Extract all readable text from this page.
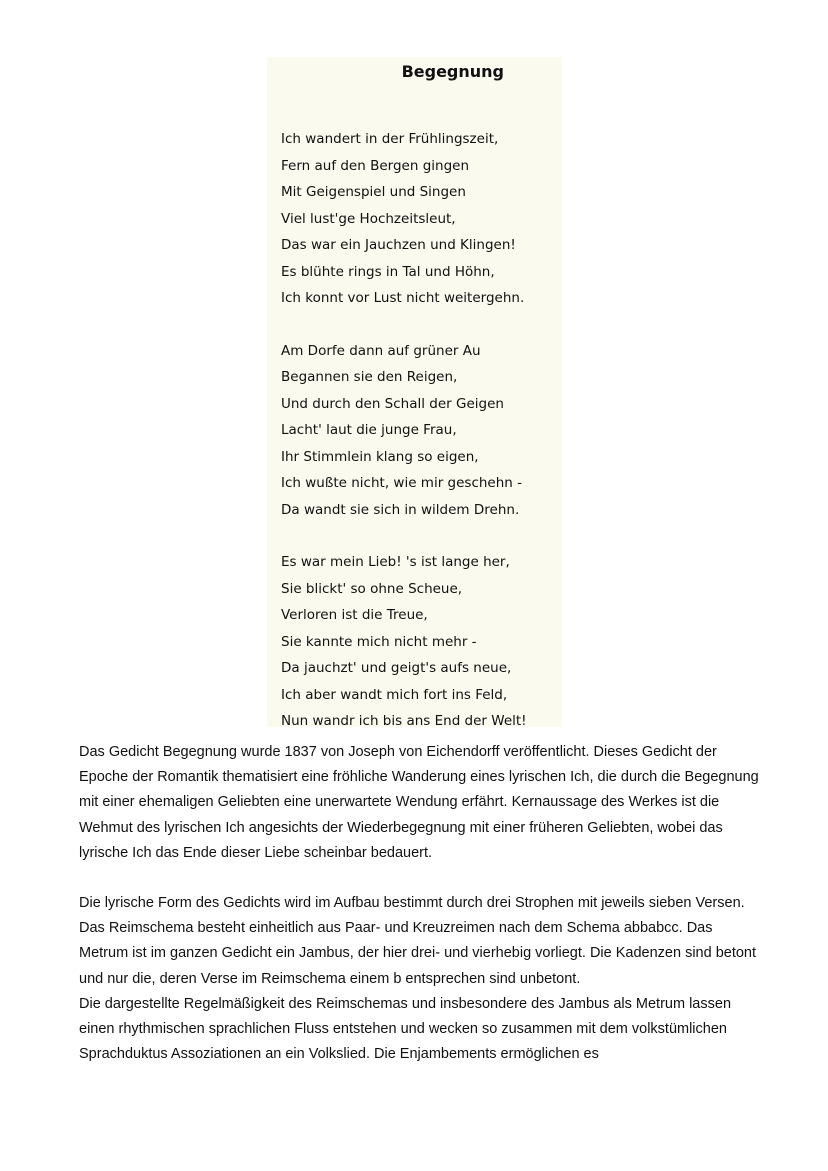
Begegnung
Ich wandert in der Frühlingszeit,
Fern auf den Bergen gingen
Mit Geigenspiel und Singen
Viel lust'ge Hochzeitsleut,
Das war ein Jauchzen und Klingen!
Es blühte rings in Tal und Höhn,
Ich konnt vor Lust nicht weitergehn.
Am Dorfe dann auf grüner Au
Begannen sie den Reigen,
Und durch den Schall der Geigen
Lacht' laut die junge Frau,
Ihr Stimmlein klang so eigen,
Ich wußte nicht, wie mir geschehn -
Da wandt sie sich in wildem Drehn.
Es war mein Lieb! 's ist lange her,
Sie blickt' so ohne Scheue,
Verloren ist die Treue,
Sie kannte mich nicht mehr -
Da jauchzt' und geigt's aufs neue,
Ich aber wandt mich fort ins Feld,
Nun wandr ich bis ans End der Welt!

Das Gedicht Begegnung wurde 1837 von Joseph von Eichendorff veröffentlicht. Dieses Gedicht der Epoche der Romantik thematisiert eine fröhliche Wanderung eines lyrischen Ich, die durch die Begegnung mit einer ehemaligen Geliebten eine unerwartete Wendung erfährt. Kernaussage des Werkes ist die Wehmut des lyrischen Ich angesichts der Wiederbegegnung mit einer früheren Geliebten, wobei das lyrische Ich das Ende dieser Liebe scheinbar bedauert.

Die lyrische Form des Gedichts wird im Aufbau bestimmt durch drei Strophen mit jeweils sieben Versen. Das Reimschema besteht einheitlich aus Paar- und Kreuzreimen nach dem Schema abbabcc. Das Metrum ist im ganzen Gedicht ein Jambus, der hier drei- und vierhebig vorliegt. Die Kadenzen sind betont und nur die, deren Verse im Reimschema einem b entsprechen sind unbetont.

Die dargestellte Regelmäßigkeit des Reimschemas und insbesondere des Jambus als Metrum lassen einen rhythmischen sprachlichen Fluss entstehen und wecken so zusammen mit dem volkstümlichen Sprachduktus Assoziationen an ein Volkslied. Die Enjambements ermöglichen es
